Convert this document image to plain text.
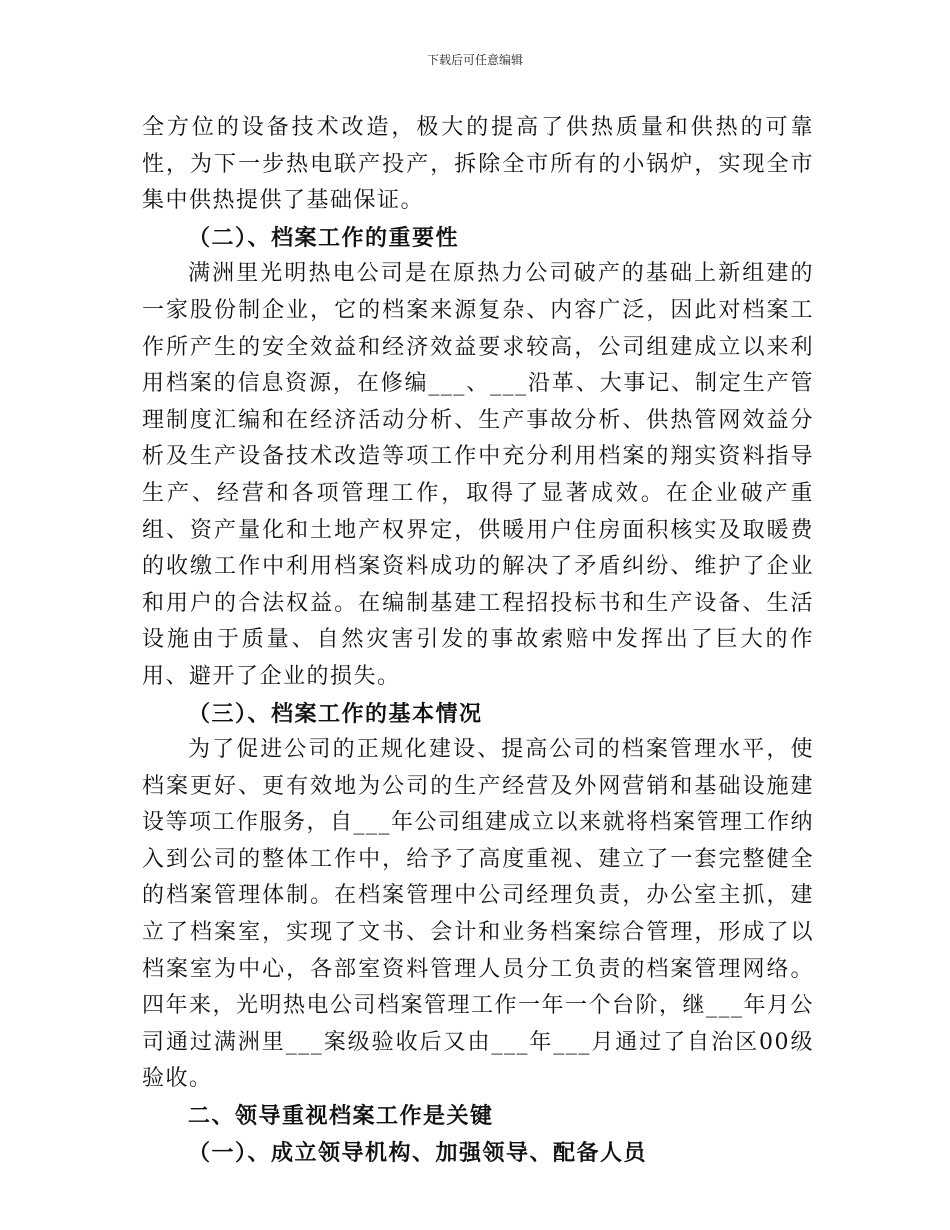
下载后可任意编辑

全方位的设备技术改造，极大的提高了供热质量和供热的可靠性，为下一步热电联产投产，拆除全市所有的小锅炉，实现全市集中供热提供了基础保证。

（二）、档案工作的重要性

满洲里光明热电公司是在原热力公司破产的基础上新组建的一家股份制企业，它的档案来源复杂、内容广泛，因此对档案工作所产生的安全效益和经济效益要求较高，公司组建成立以来利用档案的信息资源，在修编___、___沿革、大事记、制定生产管理制度汇编和在经济活动分析、生产事故分析、供热管网效益分析及生产设备技术改造等项工作中充分利用档案的翔实资料指导生产、经营和各项管理工作，取得了显著成效。在企业破产重组、资产量化和土地产权界定，供暖用户住房面积核实及取暖费的收缴工作中利用档案资料成功的解决了矛盾纠纷、维护了企业和用户的合法权益。在编制基建工程招投标书和生产设备、生活设施由于质量、自然灾害引发的事故索赔中发挥出了巨大的作用、避开了企业的损失。

（三）、档案工作的基本情况

为了促进公司的正规化建设、提高公司的档案管理水平，使档案更好、更有效地为公司的生产经营及外网营销和基础设施建设等项工作服务，自___年公司组建成立以来就将档案管理工作纳入到公司的整体工作中，给予了高度重视、建立了一套完整健全的档案管理体制。在档案管理中公司经理负责，办公室主抓，建立了档案室，实现了文书、会计和业务档案综合管理，形成了以档案室为中心，各部室资料管理人员分工负责的档案管理网络。四年来，光明热电公司档案管理工作一年一个台阶，继___年月公司通过满洲里___案级验收后又由___年___月通过了自治区00级验收。

二、领导重视档案工作是关键

（一）、成立领导机构、加强领导、配备人员
